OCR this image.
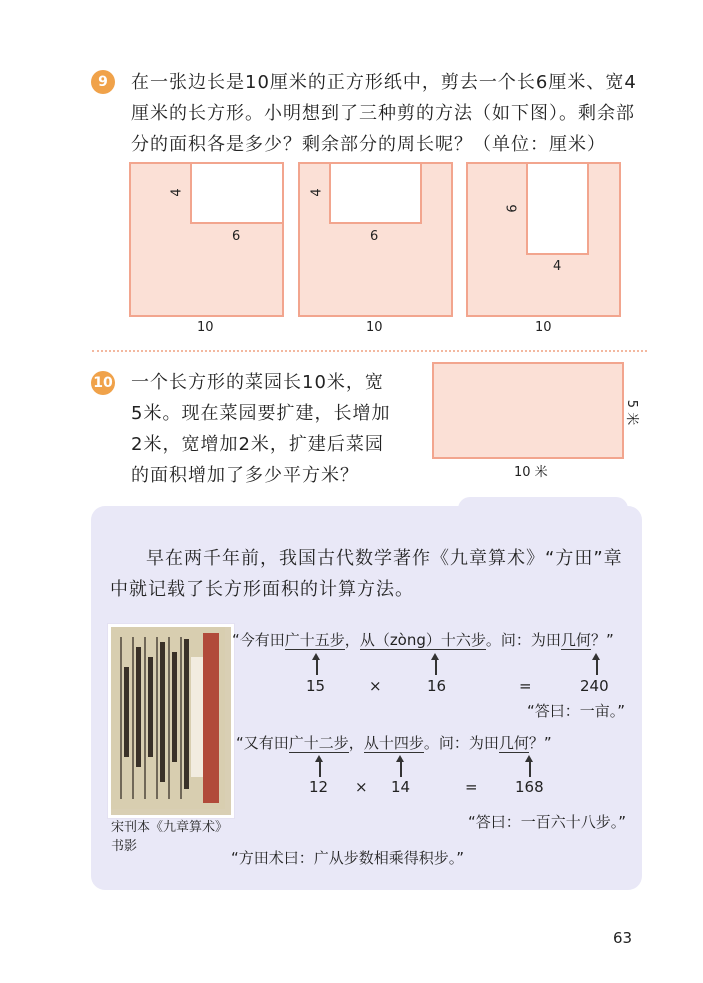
9	在一张边长是10厘米的正方形纸中，剪去一个长6厘米、宽4
厘米的长方形。小明想到了三种剪的方法（如下图）。剩余部
分的面积各是多少？剩余部分的周长呢？（单位：厘米）
4
6
10
4
6
10
6
4
10
10 一个长方形的菜园长10米，宽
5米。现在菜园要扩建，长增加
2米，宽增加2米，扩建后菜园
的面积增加了多少平方米？
5 米
10 米
早在两千年前，我国古代数学著作《九章算术》“方田”章
中就记载了长方形面积的计算方法。
宋刊本《九章算术》
书影
“今有田广十五步，从（zòng）十六步。问：为田几何？”
15	×	16	=	240
“答曰：一亩。”
“又有田广十二步，从十四步。问：为田几何？”
12 × 14	= 168
“答曰：一百六十八步。”
“方田术曰：广从步数相乘得积步。”
63
